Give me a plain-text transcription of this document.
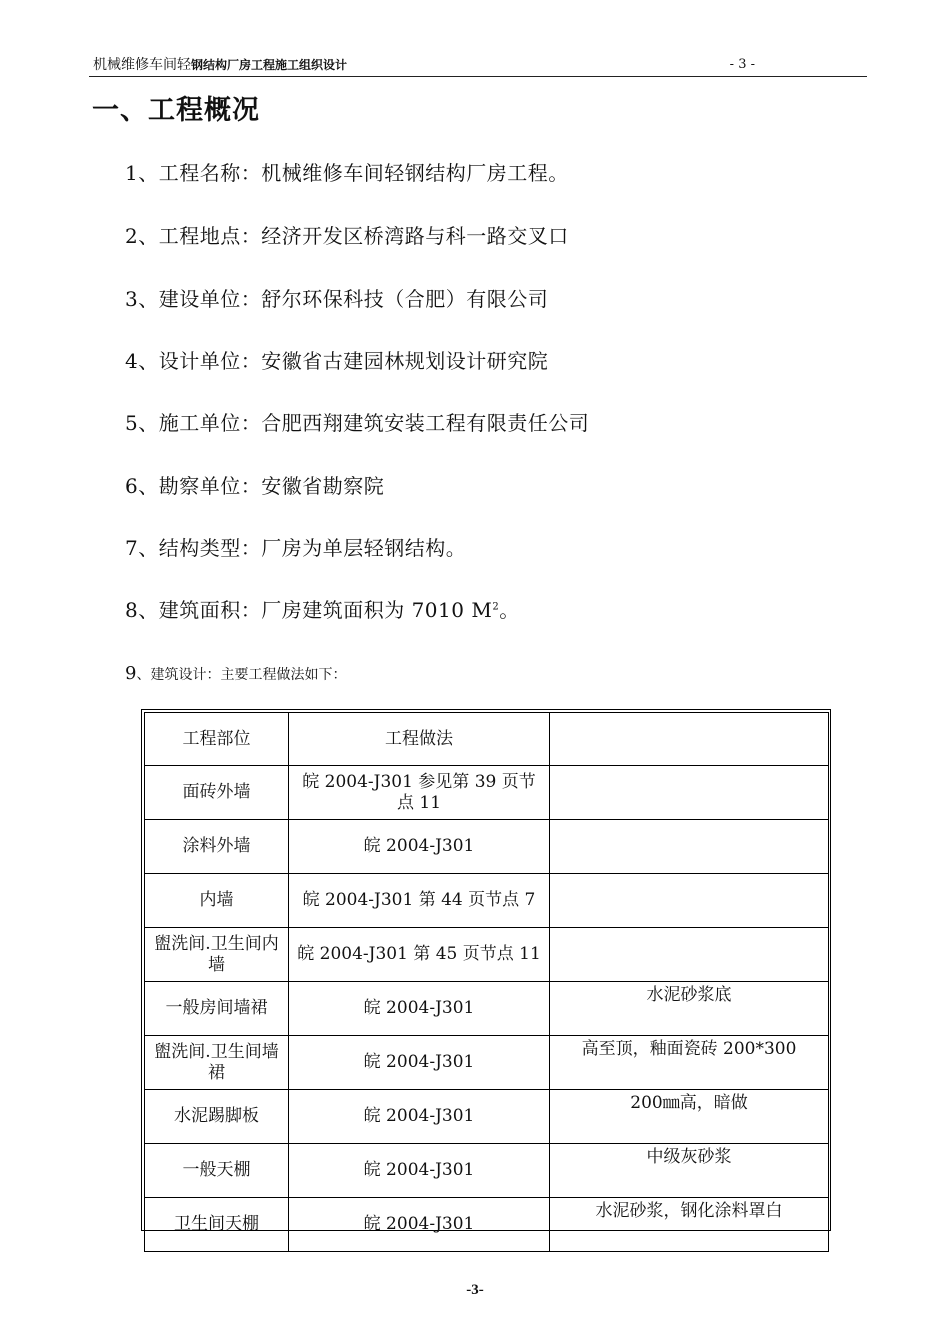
机械维修车间轻钢结构厂房工程施工组织设计	- 3 -
一、工程概况
1、工程名称：机械维修车间轻钢结构厂房工程。
2、工程地点：经济开发区桥湾路与科一路交叉口
3、建设单位：舒尔环保科技（合肥）有限公司
4、设计单位：安徽省古建园林规划设计研究院
5、施工单位：合肥西翔建筑安装工程有限责任公司
6、勘察单位：安徽省勘察院
7、结构类型：厂房为单层轻钢结构。
8、建筑面积：厂房建筑面积为 7010 $M^2$。
9、建筑设计：主要工程做法如下：
工程部位	工程做法	
面砖外墙	皖 2004-J301 参见第 39 页节点 11	
涂料外墙	皖 2004-J301	
内墙	皖 2004-J301 第 44 页节点 7	
盥洗间.卫生间内墙	皖 2004-J301 第 45 页节点 11	
一般房间墙裙	皖 2004-J301	水泥砂浆底
盥洗间.卫生间墙裙	皖 2004-J301	高至顶，釉面瓷砖 200*300
水泥踢脚板	皖 2004-J301	200㎜高，暗做
一般天棚	皖 2004-J301	中级灰砂浆
卫生间天棚	皖 2004-J301	水泥砂浆，钢化涂料罩白
-3-
